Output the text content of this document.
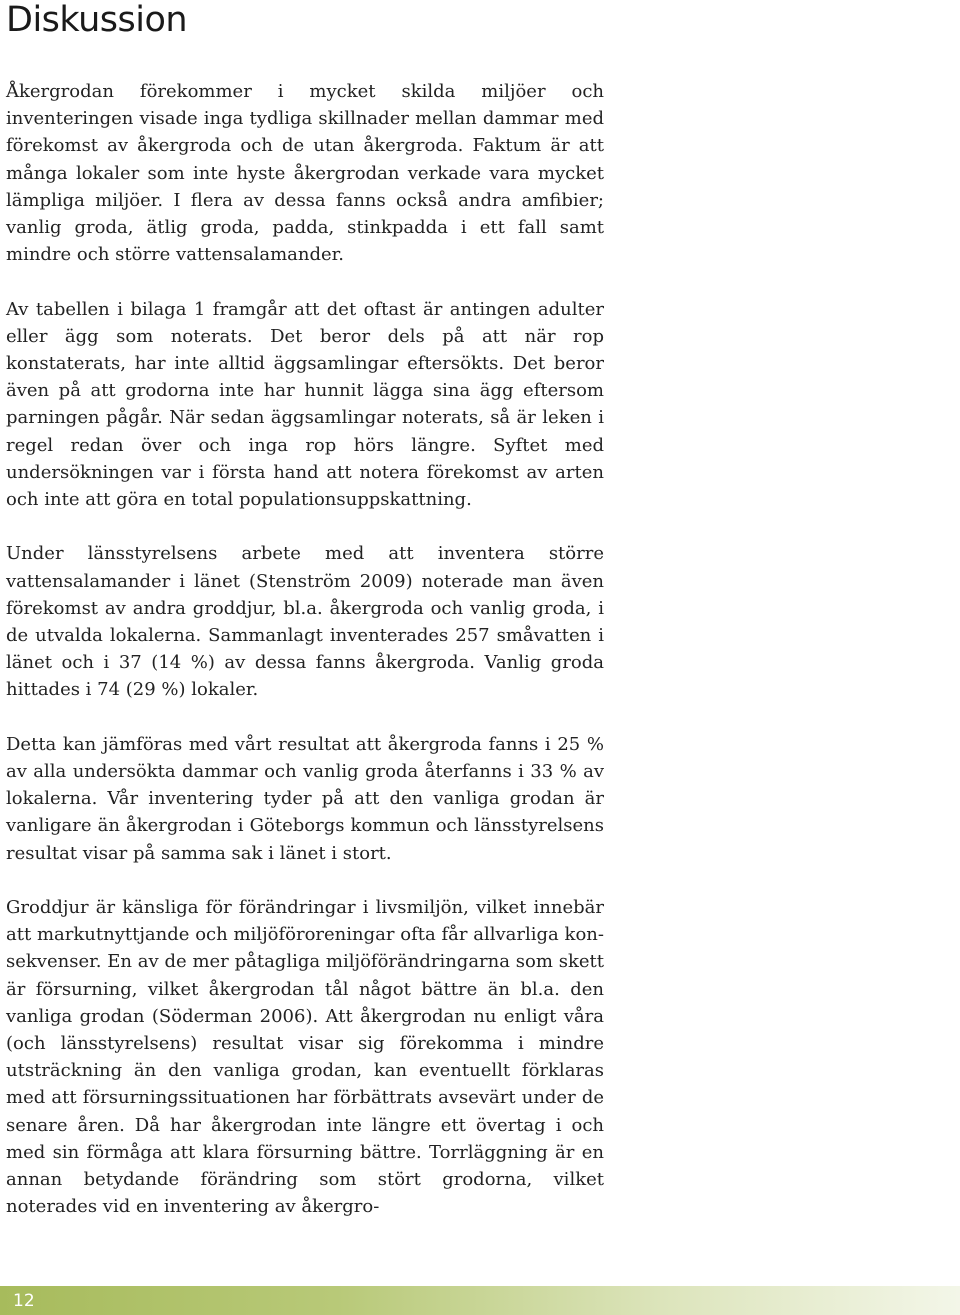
Diskussion

Åkergrodan förekommer i mycket skilda miljöer och inventeringen visade inga tydliga skillnader mellan dammar med förekomst av åkergroda och de utan åkergroda. Faktum är att många lokaler som inte hyste åkergrodan verkade vara mycket lämpliga miljöer. I flera av dessa fanns också andra amfibier; vanlig groda, ätlig groda, padda, stinkpadda i ett fall samt mindre och större vattensalamander.

Av tabellen i bilaga 1 framgår att det oftast är antingen adulter eller ägg som noterats. Det beror dels på att när rop konstaterats, har inte alltid äggsamlingar eftersökts. Det beror även på att grodorna inte har hunnit lägga sina ägg eftersom parningen pågår. När sedan äggsamlingar noterats, så är leken i regel redan över och inga rop hörs längre. Syftet med undersökningen var i första hand att notera förekomst av arten och inte att göra en total populationsuppskattning.

Under länsstyrelsens arbete med att inventera större vattensalamander i länet (Stenström 2009) noterade man även förekomst av andra groddjur, bl.a. åkergroda och vanlig groda, i de utvalda lokalerna. Sammanlagt inventerades 257 småvatten i länet och i 37 (14 %) av dessa fanns åkergroda. Vanlig groda hittades i 74 (29 %) lokaler.

Detta kan jämföras med vårt resultat att åkergroda fanns i 25 % av alla undersökta dammar och vanlig groda återfanns i 33 % av lokalerna. Vår inventering tyder på att den vanliga grodan är vanligare än åkergrodan i Göteborgs kommun och länsstyrelsens resultat visar på samma sak i länet i stort.

Groddjur är känsliga för förändringar i livsmiljön, vilket innebär att markutnyttjande och miljöföroreningar ofta får allvarliga konsekvenser. En av de mer påtagliga miljöförändringarna som skett är försurning, vilket åkergrodan tål något bättre än bl.a. den vanliga grodan (Söderman 2006). Att åkergrodan nu enligt våra (och länsstyrelsens) resultat visar sig förekomma i mindre utsträckning än den vanliga grodan, kan eventuellt förklaras med att försurningssituationen har förbättrats avsevärt under de senare åren. Då har åkergrodan inte längre ett övertag i och med sin förmåga att klara försurning bättre. Torrläggning är en annan betydande förändring som stört grodorna, vilket noterades vid en inventering av åkergro-

12
